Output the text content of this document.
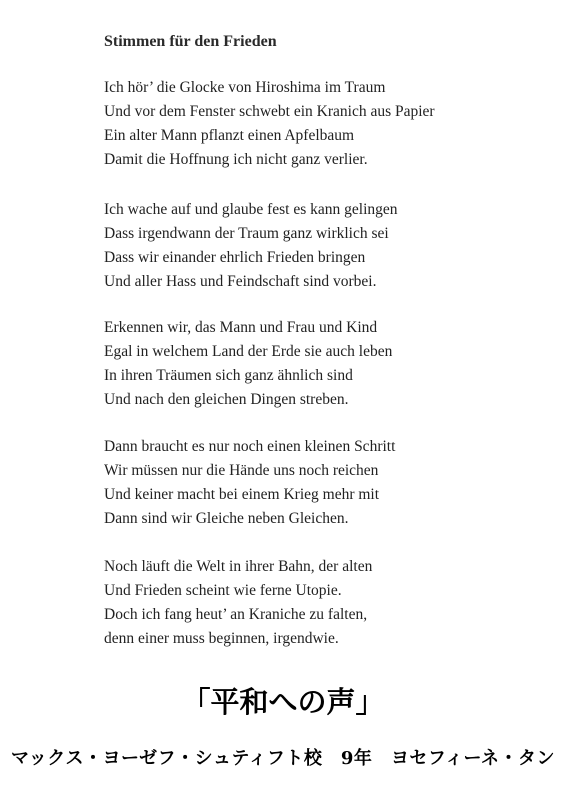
Stimmen für den Frieden
Ich hör’ die Glocke von Hiroshima im Traum
Und vor dem Fenster schwebt ein Kranich aus Papier
Ein alter Mann pflanzt einen Apfelbaum
Damit die Hoffnung ich nicht ganz verlier.
Ich wache auf und glaube fest es kann gelingen
Dass irgendwann der Traum ganz wirklich sei
Dass wir einander ehrlich Frieden bringen
Und aller Hass und Feindschaft sind vorbei.
Erkennen wir, das Mann und Frau und Kind
Egal in welchem Land der Erde sie auch leben
In ihren Träumen sich ganz ähnlich sind
Und nach den gleichen Dingen streben.
Dann braucht es nur noch einen kleinen Schritt
Wir müssen nur die Hände uns noch reichen
Und keiner macht bei einem Krieg mehr mit
Dann sind wir Gleiche neben Gleichen.
Noch läuft die Welt in ihrer Bahn, der alten
Und Frieden scheint wie ferne Utopie.
Doch ich fang heut’ an Kraniche zu falten,
denn einer muss beginnen, irgendwie.
「平和への声」
マックス・ヨーゼフ・シュティフト校　9年　ヨセフィーネ・タン
